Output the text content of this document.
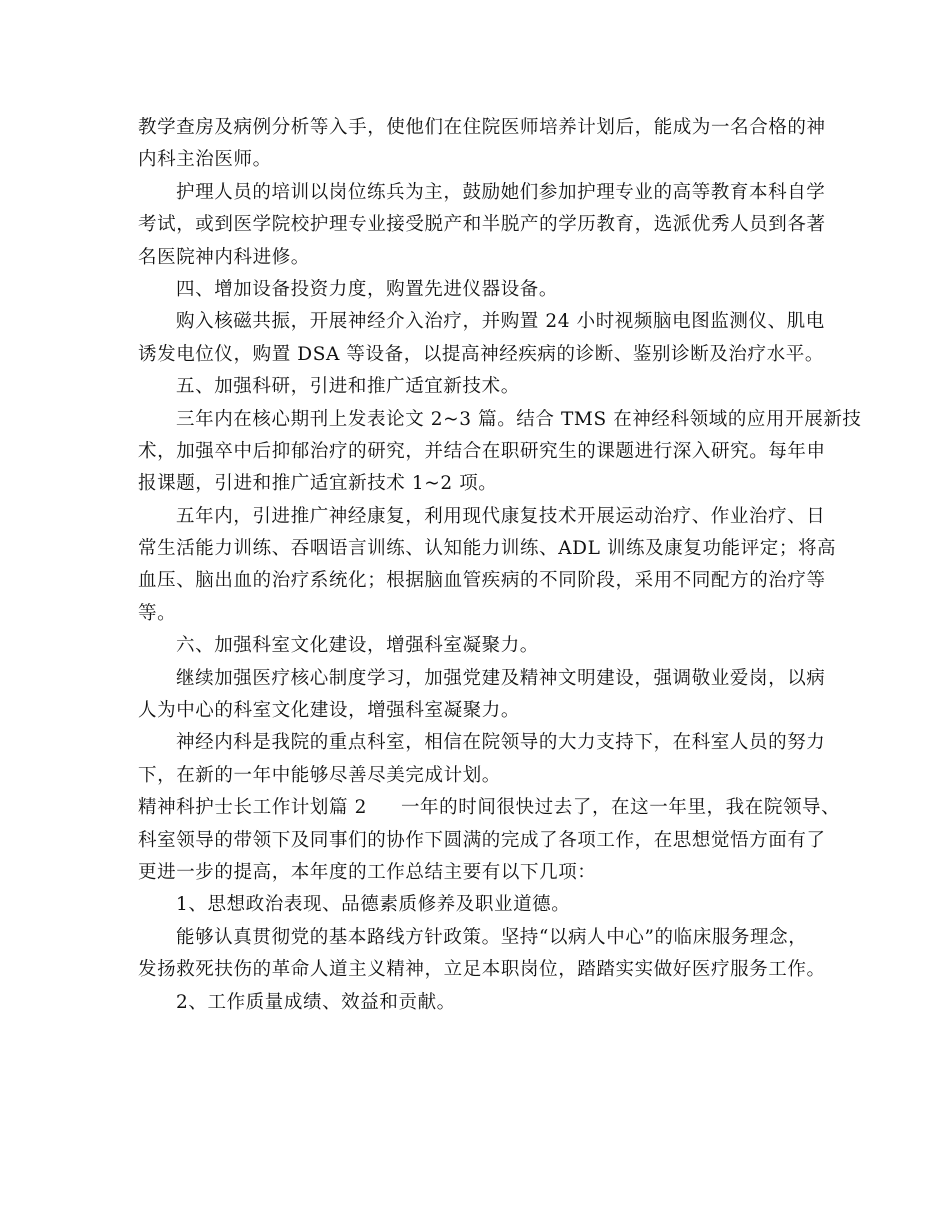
教学查房及病例分析等入手，使他们在住院医师培养计划后，能成为一名合格的神
内科主治医师。
护理人员的培训以岗位练兵为主，鼓励她们参加护理专业的高等教育本科自学
考试，或到医学院校护理专业接受脱产和半脱产的学历教育，选派优秀人员到各著
名医院神内科进修。
四、增加设备投资力度，购置先进仪器设备。
购入核磁共振，开展神经介入治疗，并购置 24 小时视频脑电图监测仪、肌电
诱发电位仪，购置 DSA 等设备，以提高神经疾病的诊断、鉴别诊断及治疗水平。
五、加强科研，引进和推广适宜新技术。
三年内在核心期刊上发表论文 2~3 篇。结合 TMS 在神经科领域的应用开展新技
术，加强卒中后抑郁治疗的研究，并结合在职研究生的课题进行深入研究。每年申
报课题，引进和推广适宜新技术 1~2 项。
五年内，引进推广神经康复，利用现代康复技术开展运动治疗、作业治疗、日
常生活能力训练、吞咽语言训练、认知能力训练、ADL 训练及康复功能评定；将高
血压、脑出血的治疗系统化；根据脑血管疾病的不同阶段，采用不同配方的治疗等
等。
六、加强科室文化建设，增强科室凝聚力。
继续加强医疗核心制度学习，加强党建及精神文明建设，强调敬业爱岗，以病
人为中心的科室文化建设，增强科室凝聚力。
神经内科是我院的重点科室，相信在院领导的大力支持下，在科室人员的努力
下，在新的一年中能够尽善尽美完成计划。
精神科护士长工作计划篇 2 一年的时间很快过去了，在这一年里，我在院领导、
科室领导的带领下及同事们的协作下圆满的完成了各项工作，在思想觉悟方面有了
更进一步的提高，本年度的工作总结主要有以下几项：
1、思想政治表现、品德素质修养及职业道德。
能够认真贯彻党的基本路线方针政策。坚持“以病人中心”的临床服务理念，
发扬救死扶伤的革命人道主义精神，立足本职岗位，踏踏实实做好医疗服务工作。
2、工作质量成绩、效益和贡献。
